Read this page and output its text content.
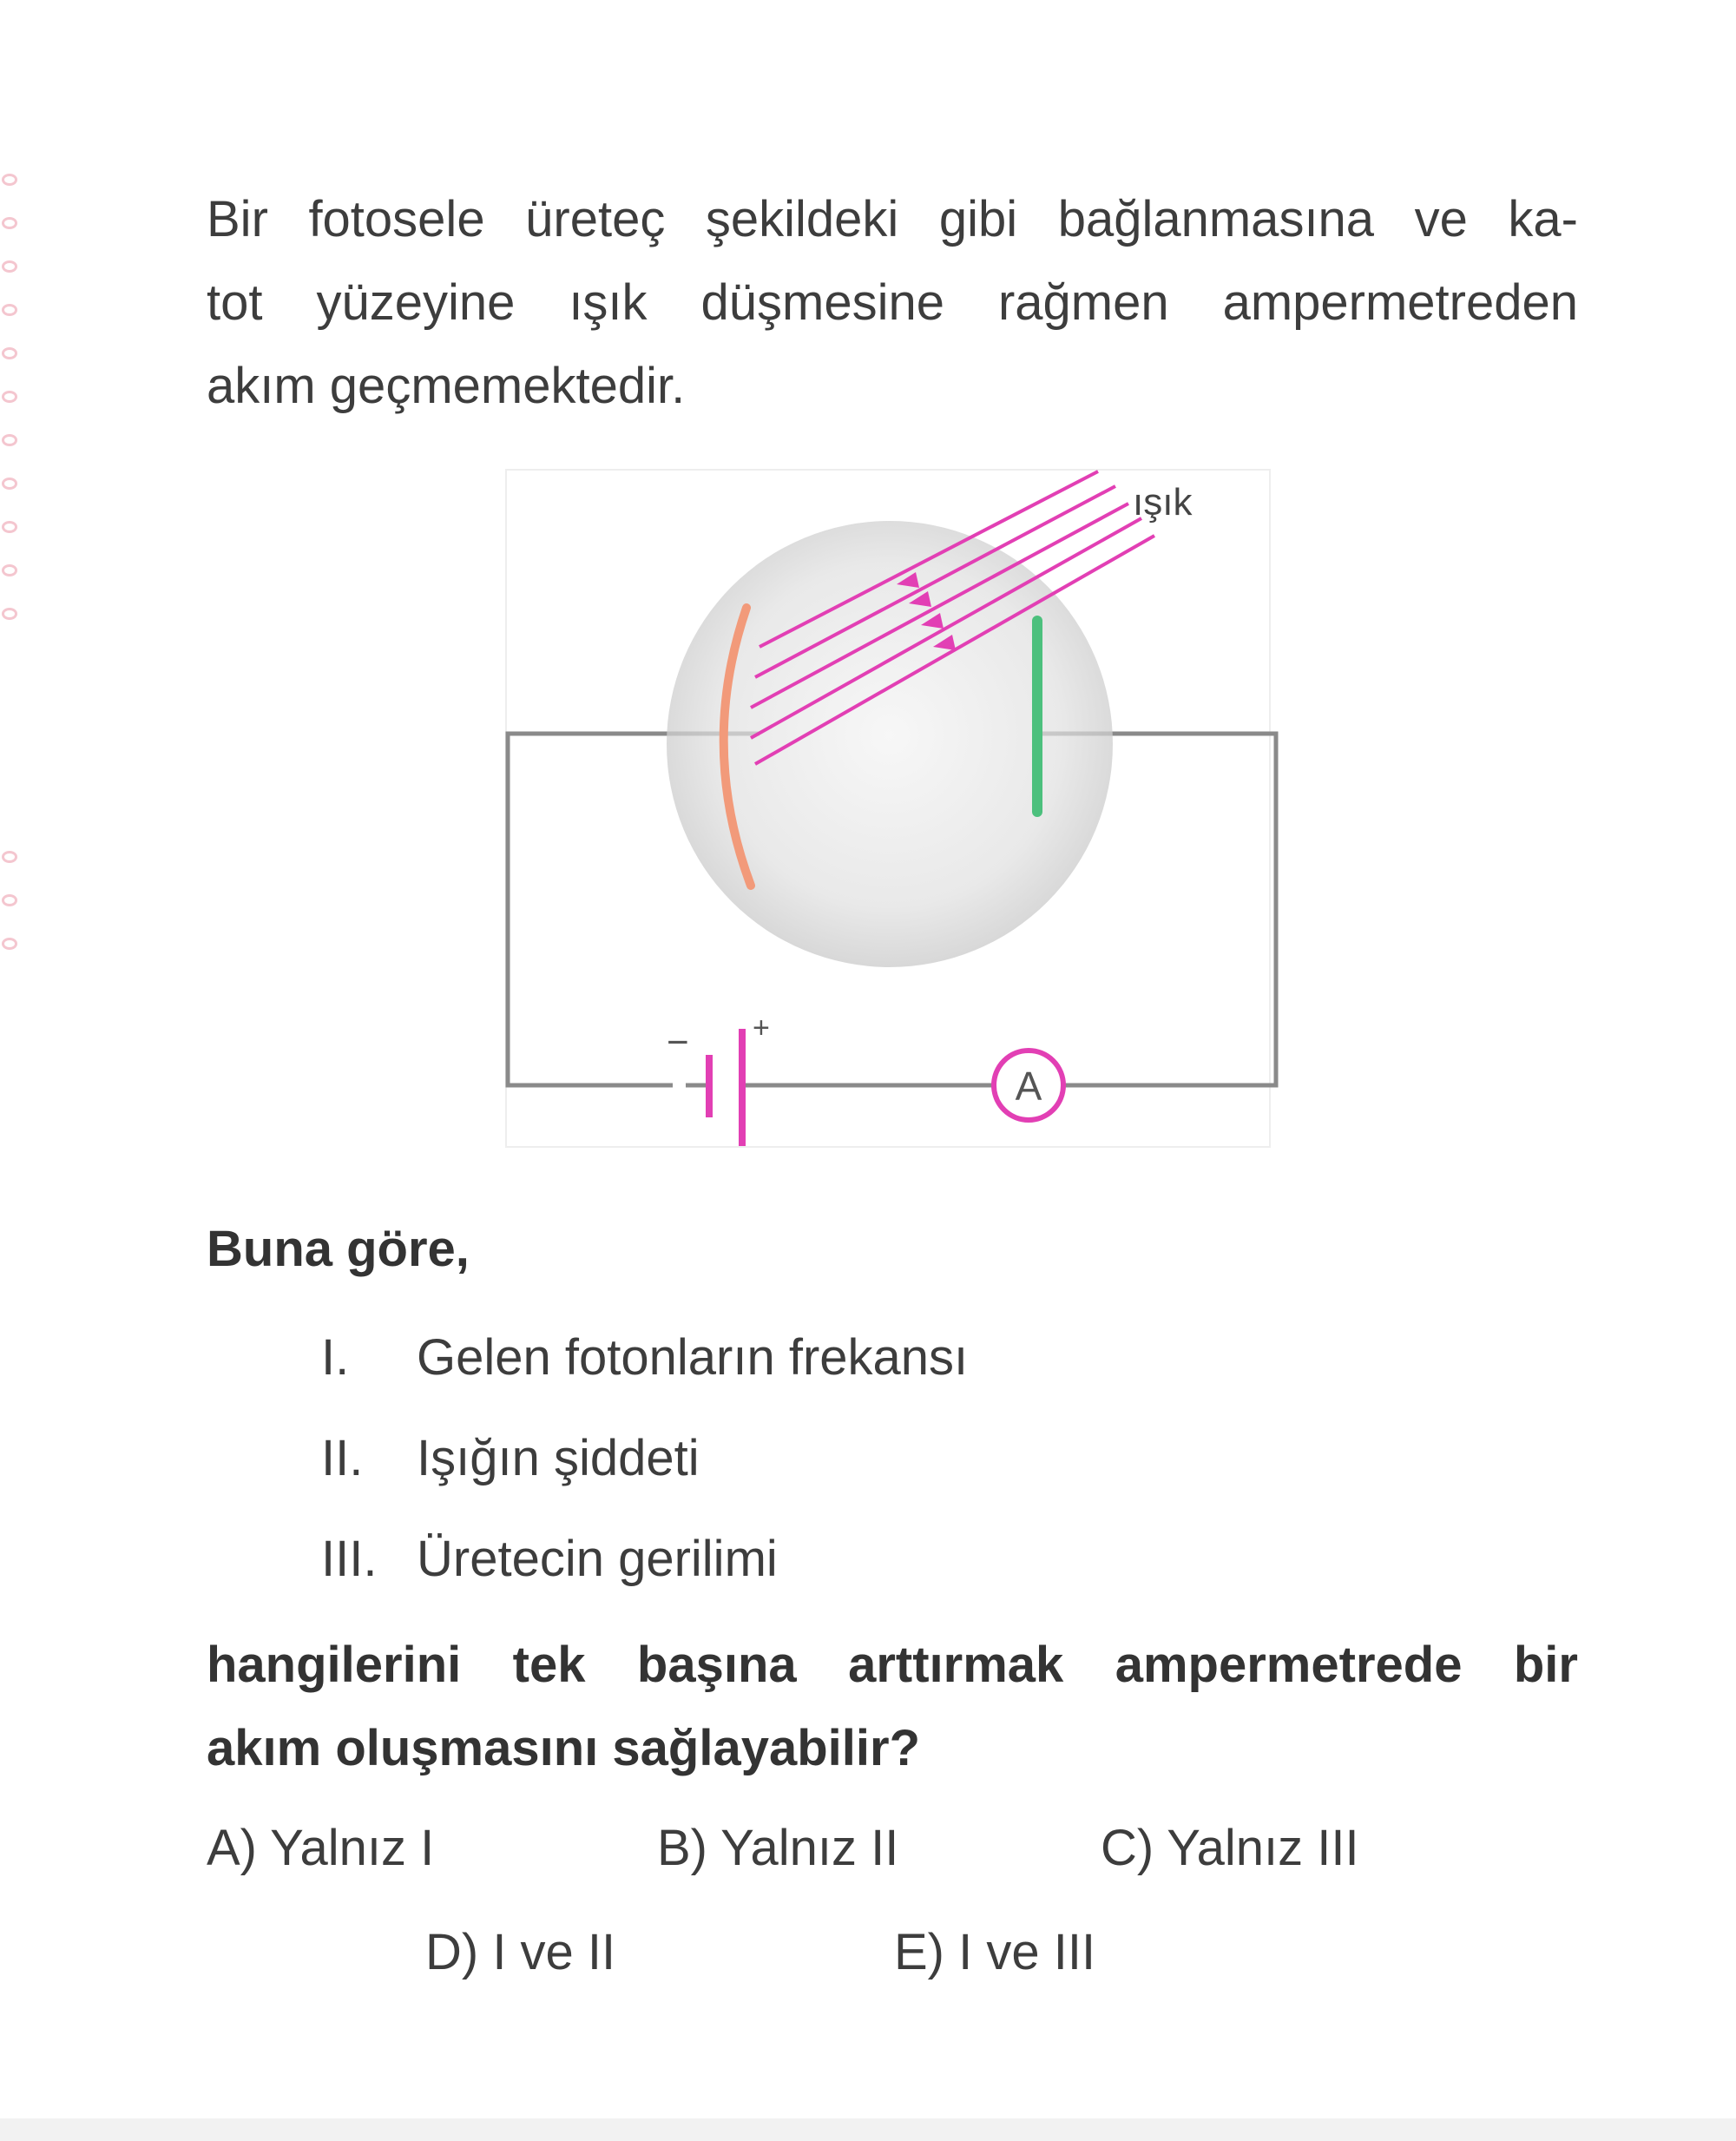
Bir fotosele üreteç şekildeki gibi bağlanmasına ve ka-
tot yüzeyine ışık düşmesine rağmen ampermetreden
akım geçmemektedir.
ışık
− +
A
Buna göre,
I. Gelen fotonların frekansı
II. Işığın şiddeti
III. Üretecin gerilimi
hangilerini tek başına arttırmak ampermetrede bir
akım oluşmasını sağlayabilir?
A) Yalnız I	B) Yalnız II	C) Yalnız III
D) I ve II	E) I ve III
